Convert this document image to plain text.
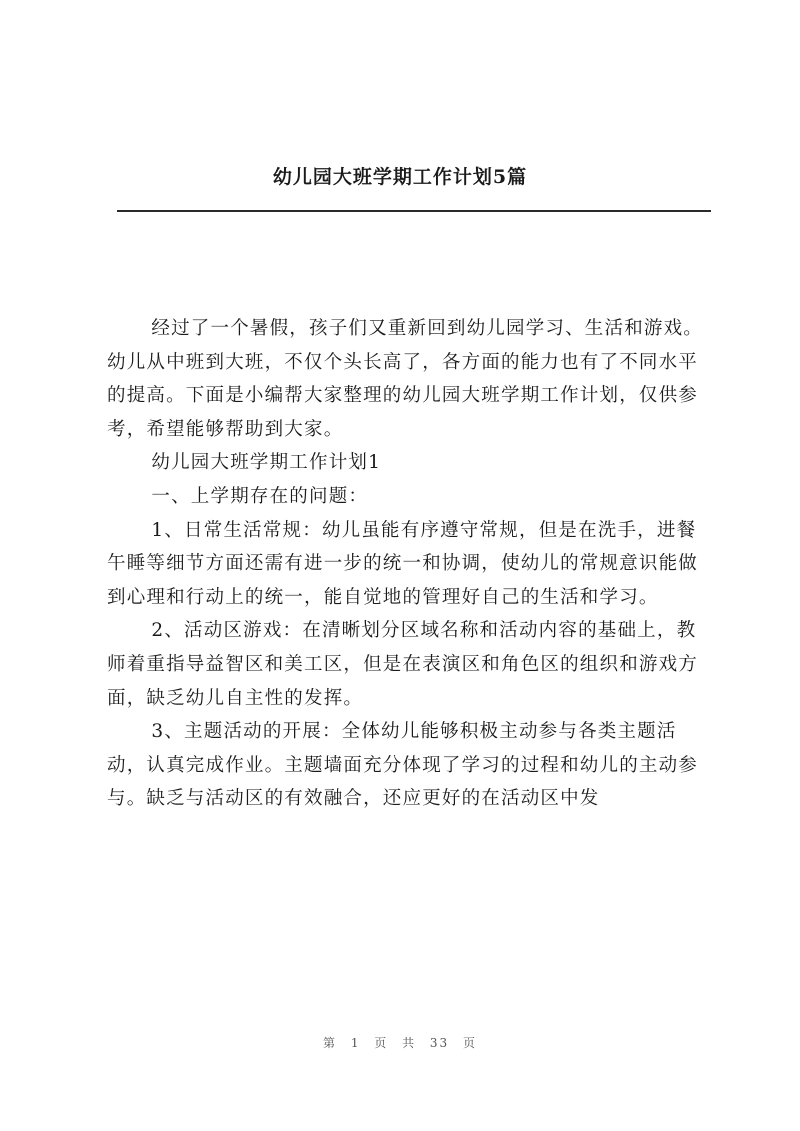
幼儿园大班学期工作计划5篇

经过了一个暑假，孩子们又重新回到幼儿园学习、生活和游戏。幼儿从中班到大班，不仅个头长高了，各方面的能力也有了不同水平的提高。下面是小编帮大家整理的幼儿园大班学期工作计划，仅供参考，希望能够帮助到大家。

幼儿园大班学期工作计划1

一、上学期存在的问题：

1、日常生活常规：幼儿虽能有序遵守常规，但是在洗手，进餐午睡等细节方面还需有进一步的统一和协调，使幼儿的常规意识能做到心理和行动上的统一，能自觉地的管理好自己的生活和学习。

2、活动区游戏：在清晰划分区域名称和活动内容的基础上，教师着重指导益智区和美工区，但是在表演区和角色区的组织和游戏方面，缺乏幼儿自主性的发挥。

3、主题活动的开展：全体幼儿能够积极主动参与各类主题活动，认真完成作业。主题墙面充分体现了学习的过程和幼儿的主动参与。缺乏与活动区的有效融合，还应更好的在活动区中发

第 1 页 共 33 页
